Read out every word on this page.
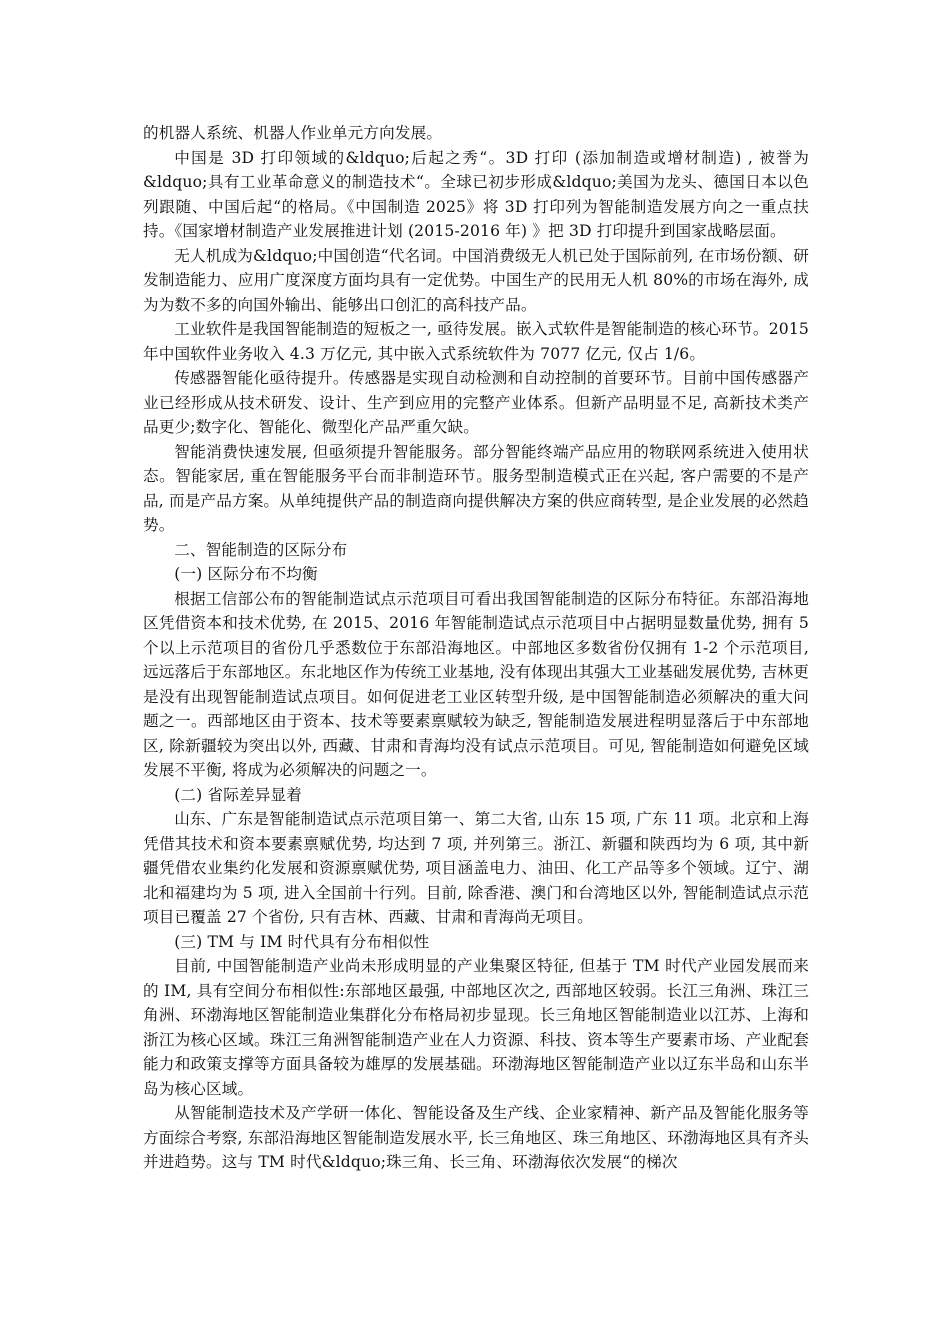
的机器人系统、机器人作业单元方向发展。

中国是 3D 打印领域的&ldquo;后起之秀“。3D 打印 (添加制造或增材制造) , 被誉为&ldquo;具有工业革命意义的制造技术“。全球已初步形成&ldquo;美国为龙头、德国日本以色列跟随、中国后起“的格局。《中国制造 2025》将 3D 打印列为智能制造发展方向之一重点扶持。《国家增材制造产业发展推进计划 (2015-2016 年) 》把 3D 打印提升到国家战略层面。

无人机成为&ldquo;中国创造“代名词。中国消费级无人机已处于国际前列, 在市场份额、研发制造能力、应用广度深度方面均具有一定优势。中国生产的民用无人机 80%的市场在海外, 成为为数不多的向国外输出、能够出口创汇的高科技产品。

工业软件是我国智能制造的短板之一, 亟待发展。嵌入式软件是智能制造的核心环节。2015 年中国软件业务收入 4.3 万亿元, 其中嵌入式系统软件为 7077 亿元, 仅占 1/6。

传感器智能化亟待提升。传感器是实现自动检测和自动控制的首要环节。目前中国传感器产业已经形成从技术研发、设计、生产到应用的完整产业体系。但新产品明显不足, 高新技术类产品更少;数字化、智能化、微型化产品严重欠缺。

智能消费快速发展, 但亟须提升智能服务。部分智能终端产品应用的物联网系统进入使用状态。智能家居, 重在智能服务平台而非制造环节。服务型制造模式正在兴起, 客户需要的不是产品, 而是产品方案。从单纯提供产品的制造商向提供解决方案的供应商转型, 是企业发展的必然趋势。

二、智能制造的区际分布

(一) 区际分布不均衡

根据工信部公布的智能制造试点示范项目可看出我国智能制造的区际分布特征。东部沿海地区凭借资本和技术优势, 在 2015、2016 年智能制造试点示范项目中占据明显数量优势, 拥有 5 个以上示范项目的省份几乎悉数位于东部沿海地区。中部地区多数省份仅拥有 1-2 个示范项目, 远远落后于东部地区。东北地区作为传统工业基地, 没有体现出其强大工业基础发展优势, 吉林更是没有出现智能制造试点项目。如何促进老工业区转型升级, 是中国智能制造必须解决的重大问题之一。西部地区由于资本、技术等要素禀赋较为缺乏, 智能制造发展进程明显落后于中东部地区, 除新疆较为突出以外, 西藏、甘肃和青海均没有试点示范项目。可见, 智能制造如何避免区域发展不平衡, 将成为必须解决的问题之一。

(二) 省际差异显着

山东、广东是智能制造试点示范项目第一、第二大省, 山东 15 项, 广东 11 项。北京和上海凭借其技术和资本要素禀赋优势, 均达到 7 项, 并列第三。浙江、新疆和陕西均为 6 项, 其中新疆凭借农业集约化发展和资源禀赋优势, 项目涵盖电力、油田、化工产品等多个领域。辽宁、湖北和福建均为 5 项, 进入全国前十行列。目前, 除香港、澳门和台湾地区以外, 智能制造试点示范项目已覆盖 27 个省份, 只有吉林、西藏、甘肃和青海尚无项目。

(三) TM 与 IM 时代具有分布相似性

目前, 中国智能制造产业尚未形成明显的产业集聚区特征, 但基于 TM 时代产业园发展而来的 IM, 具有空间分布相似性:东部地区最强, 中部地区次之, 西部地区较弱。长江三角洲、珠江三角洲、环渤海地区智能制造业集群化分布格局初步显现。长三角地区智能制造业以江苏、上海和浙江为核心区域。珠江三角洲智能制造产业在人力资源、科技、资本等生产要素市场、产业配套能力和政策支撑等方面具备较为雄厚的发展基础。环渤海地区智能制造产业以辽东半岛和山东半岛为核心区域。

从智能制造技术及产学研一体化、智能设备及生产线、企业家精神、新产品及智能化服务等方面综合考察, 东部沿海地区智能制造发展水平, 长三角地区、珠三角地区、环渤海地区具有齐头并进趋势。这与 TM 时代&ldquo;珠三角、长三角、环渤海依次发展“的梯次
